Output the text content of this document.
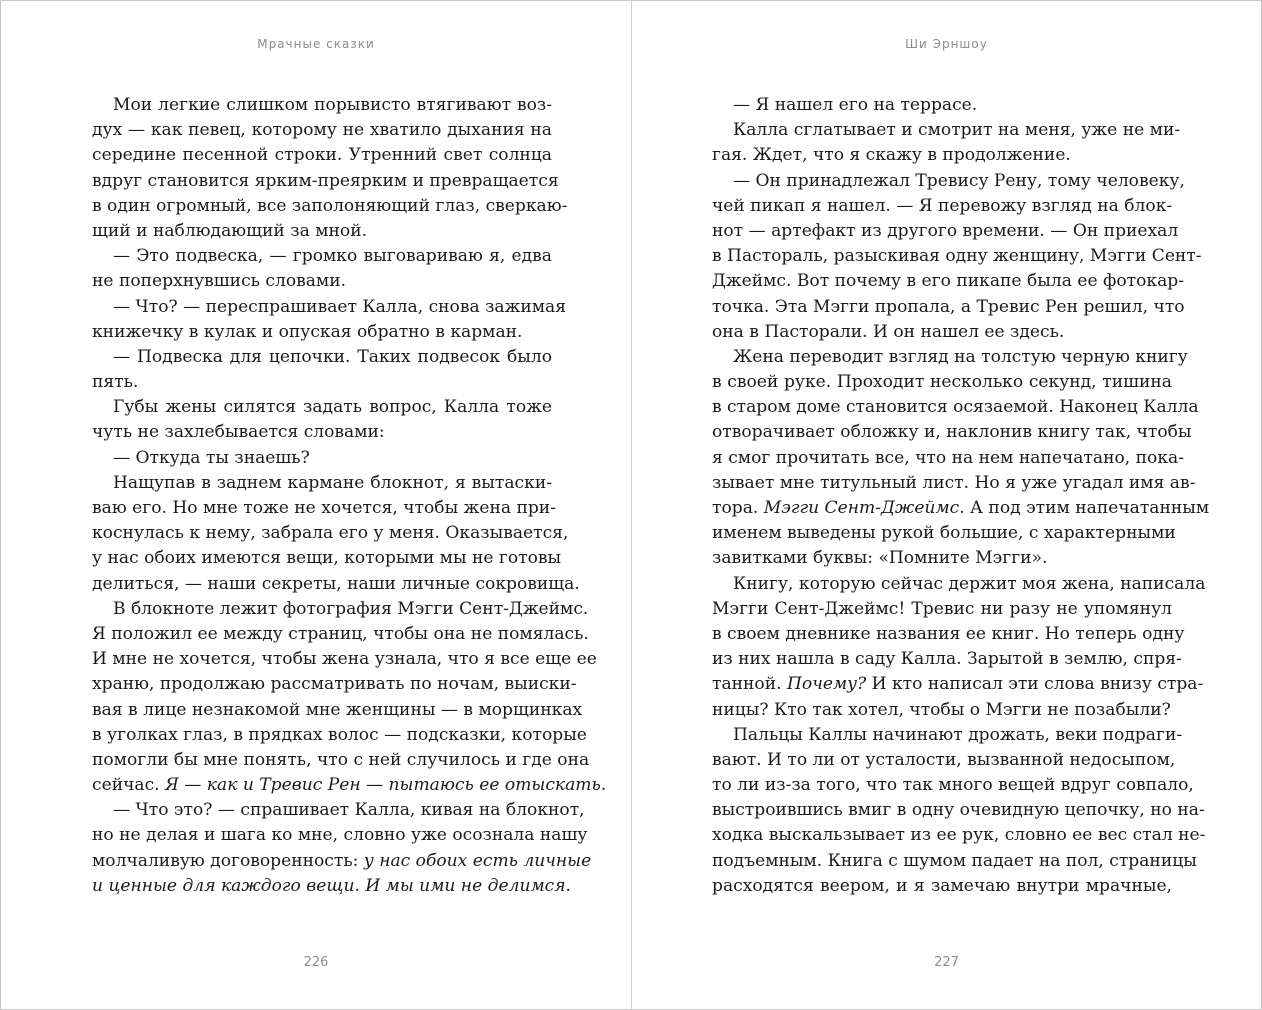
Мрачные сказки
Мои легкие слишком порывисто втягивают воз-
дух — как певец, которому не хватило дыхания на
середине песенной строки. Утренний свет солнца
вдруг становится ярким-преярким и превращается
в один огромный, все заполоняющий глаз, сверкаю-
щий и наблюдающий за мной.
— Это подвеска, — громко выговариваю я, едва
не поперхнувшись словами.
— Что? — переспрашивает Калла, снова зажимая
книжечку в кулак и опуская обратно в карман.
— Подвеска для цепочки. Таких подвесок было
пять.
Губы жены силятся задать вопрос, Калла тоже
чуть не захлебывается словами:
— Откуда ты знаешь?
Нащупав в заднем кармане блокнот, я вытаски-
ваю его. Но мне тоже не хочется, чтобы жена при-
коснулась к нему, забрала его у меня. Оказывается,
у нас обоих имеются вещи, которыми мы не готовы
делиться, — наши секреты, наши личные сокровища.
В блокноте лежит фотография Мэгги Сент-Джеймс.
Я положил ее между страниц, чтобы она не помялась.
И мне не хочется, чтобы жена узнала, что я все еще ее
храню, продолжаю рассматривать по ночам, выиски-
вая в лице незнакомой мне женщины — в морщинках
в уголках глаз, в прядках волос — подсказки, которые
помогли бы мне понять, что с ней случилось и где она
сейчас. Я — как и Тревис Рен — пытаюсь ее отыскать.
— Что это? — спрашивает Калла, кивая на блокнот,
но не делая и шага ко мне, словно уже осознала нашу
молчаливую договоренность: у нас обоих есть личные
и ценные для каждого вещи. И мы ими не делимся.
226
Ши Эрншоу
— Я нашел его на террасе.
Калла сглатывает и смотрит на меня, уже не ми-
гая. Ждет, что я скажу в продолжение.
— Он принадлежал Тревису Рену, тому человеку,
чей пикап я нашел. — Я перевожу взгляд на блок-
нот — артефакт из другого времени. — Он приехал
в Пастораль, разыскивая одну женщину, Мэгги Сент-
Джеймс. Вот почему в его пикапе была ее фотокар-
точка. Эта Мэгги пропала, а Тревис Рен решил, что
она в Пасторали. И он нашел ее здесь.
Жена переводит взгляд на толстую черную книгу
в своей руке. Проходит несколько секунд, тишина
в старом доме становится осязаемой. Наконец Калла
отворачивает обложку и, наклонив книгу так, чтобы
я смог прочитать все, что на нем напечатано, пока-
зывает мне титульный лист. Но я уже угадал имя ав-
тора. Мэгги Сент-Джеймс. А под этим напечатанным
именем выведены рукой большие, с характерными
завитками буквы: «Помните Мэгги».
Книгу, которую сейчас держит моя жена, написала
Мэгги Сент-Джеймс! Тревис ни разу не упомянул
в своем дневнике названия ее книг. Но теперь одну
из них нашла в саду Калла. Зарытой в землю, спря-
танной. Почему? И кто написал эти слова внизу стра-
ницы? Кто так хотел, чтобы о Мэгги не позабыли?
Пальцы Каллы начинают дрожать, веки подраги-
вают. И то ли от усталости, вызванной недосыпом,
то ли из-за того, что так много вещей вдруг совпало,
выстроившись вмиг в одну очевидную цепочку, но на-
ходка выскальзывает из ее рук, словно ее вес стал не-
подъемным. Книга с шумом падает на пол, страницы
расходятся веером, и я замечаю внутри мрачные,
227
